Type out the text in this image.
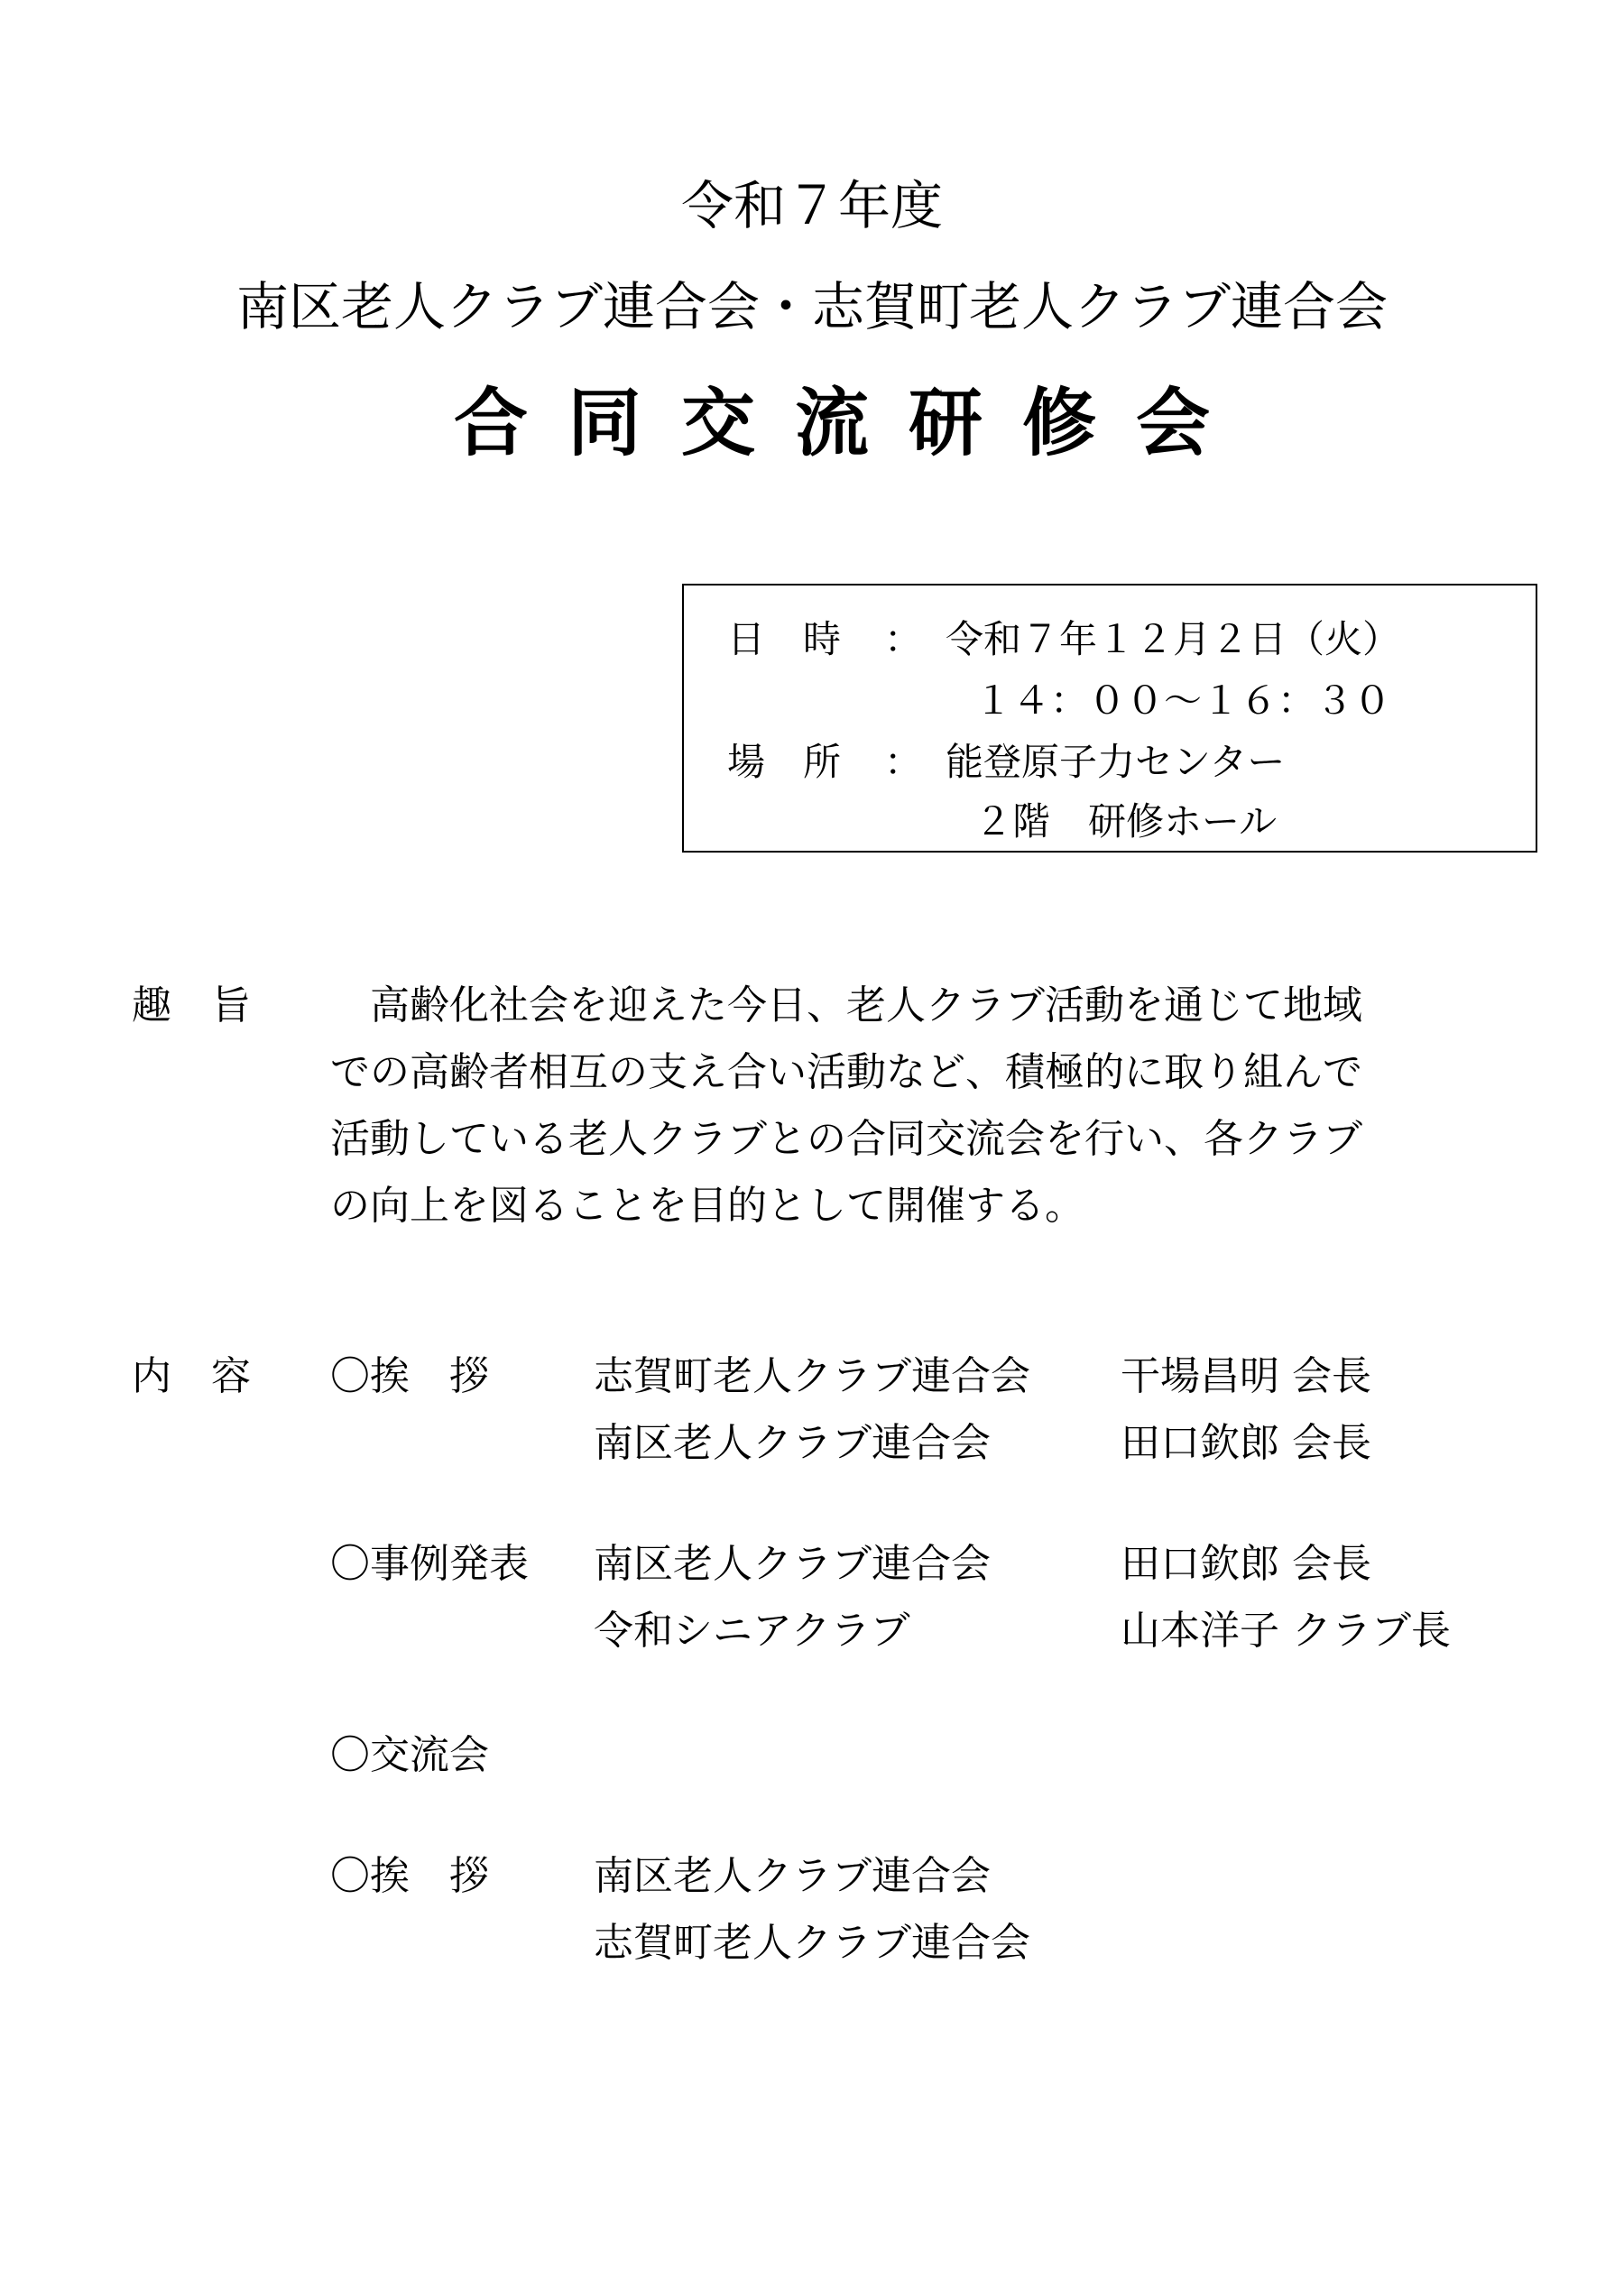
令和７年度
南区老人クラブ連合会・志賀町老人クラブ連合会
合同交流研修会
日　時 ： 令和７年１２月２日（火）
１４：００～１６：３０
場　所 ： 能登原子力センター
２階　研修ホール
趣　旨 　高齢化社会を迎えた今日、老人クラブ活動を通じて地域

での高齢者相互の支え合い活動など、積極的に取り組んで

活動している老人クラブとの合同交流会を行い、各クラブ

の向上を図ることを目的として開催する。

内　容 〇挨　拶	志賀町老人クラブ連合会 干場昌明 会長
南区老人クラブ連合会	田口欽郎 会長
〇事例発表 南区老人クラブ連合会	田口欽郎 会長
令和シニアクラブ	山本洋子 クラブ長
〇交流会
〇挨　拶	南区老人クラブ連合会
志賀町老人クラブ連合会
